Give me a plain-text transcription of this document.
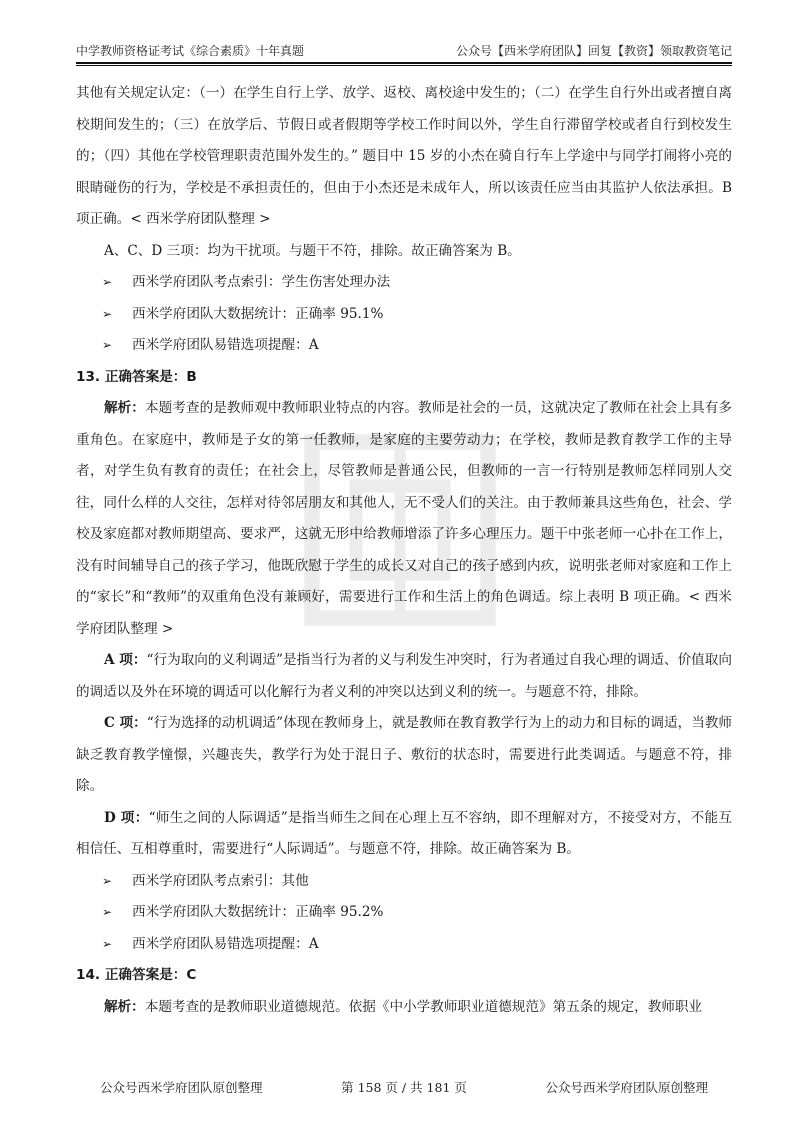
中学教师资格证考试《综合素质》十年真题	公众号【西米学府团队】回复【教资】领取教资笔记

其他有关规定认定：（一）在学生自行上学、放学、返校、离校途中发生的；（二）在学生自行外出或者擅自离校期间发生的；（三）在放学后、节假日或者假期等学校工作时间以外，学生自行滞留学校或者自行到校发生的；（四）其他在学校管理职责范围外发生的。” 题目中 15 岁的小杰在骑自行车上学途中与同学打闹将小亮的眼睛碰伤的行为，学校是不承担责任的，但由于小杰还是未成年人，所以该责任应当由其监护人依法承担。B 项正确。< 西米学府团队整理 >

A、C、D 三项：均为干扰项。与题干不符，排除。故正确答案为 B。

➢	西米学府团队考点索引：学生伤害处理办法
➢	西米学府团队大数据统计：正确率 95.1%
➢	西米学府团队易错选项提醒：A

13. 正确答案是：B

解析：本题考查的是教师观中教师职业特点的内容。教师是社会的一员，这就决定了教师在社会上具有多重角色。在家庭中，教师是子女的第一任教师，是家庭的主要劳动力；在学校，教师是教育教学工作的主导者，对学生负有教育的责任；在社会上，尽管教师是普通公民，但教师的一言一行特别是教师怎样同别人交往，同什么样的人交往，怎样对待邻居朋友和其他人，无不受人们的关注。由于教师兼具这些角色，社会、学校及家庭都对教师期望高、要求严，这就无形中给教师增添了许多心理压力。题干中张老师一心扑在工作上，没有时间辅导自己的孩子学习，他既欣慰于学生的成长又对自己的孩子感到内疚，说明张老师对家庭和工作上的“家长”和“教师”的双重角色没有兼顾好，需要进行工作和生活上的角色调适。综上表明 B 项正确。< 西米学府团队整理 >

A 项：“行为取向的义利调适”是指当行为者的义与利发生冲突时，行为者通过自我心理的调适、价值取向的调适以及外在环境的调适可以化解行为者义利的冲突以达到义利的统一。与题意不符，排除。

C 项：“行为选择的动机调适”体现在教师身上，就是教师在教育教学行为上的动力和目标的调适，当教师缺乏教育教学憧憬，兴趣丧失，教学行为处于混日子、敷衍的状态时，需要进行此类调适。与题意不符，排除。

D 项：“师生之间的人际调适”是指当师生之间在心理上互不容纳，即不理解对方，不接受对方，不能互相信任、互相尊重时，需要进行“人际调适”。与题意不符，排除。故正确答案为 B。

➢	西米学府团队考点索引：其他
➢	西米学府团队大数据统计：正确率 95.2%
➢	西米学府团队易错选项提醒：A

14. 正确答案是：C

解析：本题考查的是教师职业道德规范。依据《中小学教师职业道德规范》第五条的规定，教师职业

公众号西米学府团队原创整理	第 158 页 / 共 181 页	公众号西米学府团队原创整理
